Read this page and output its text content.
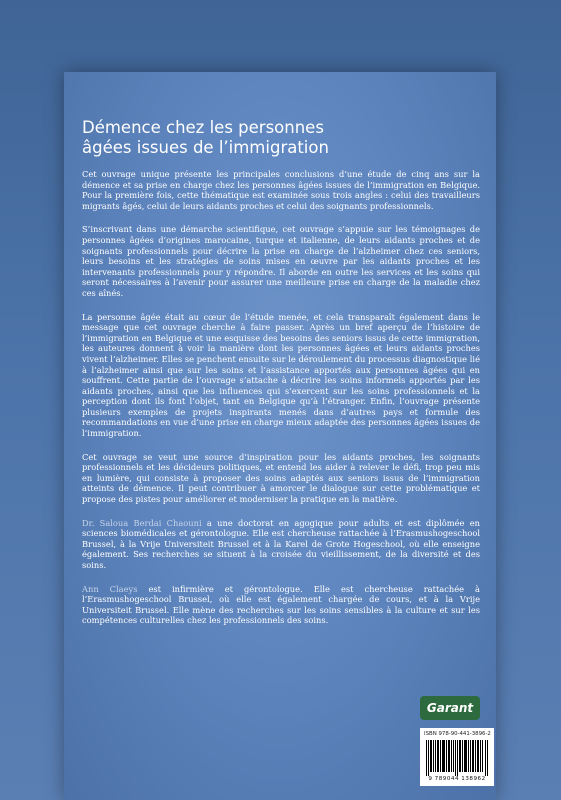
Démence chez les personnes
âgées issues de l’immigration

Cet ouvrage unique présente les principales conclusions d’une étude de cinq ans sur la démence et sa prise en charge chez les personnes âgées issues de l’immigration en Belgique. Pour la première fois, cette thématique est examinée sous trois angles : celui des travailleurs migrants âgés, celui de leurs aidants proches et celui des soignants professionnels.

S’inscrivant dans une démarche scientifique, cet ouvrage s’appuie sur les témoignages de personnes âgées d’origines marocaine, turque et italienne, de leurs aidants proches et de soignants professionnels pour décrire la prise en charge de l’alzheimer chez ces seniors, leurs besoins et les stratégies de soins mises en œuvre par les aidants proches et les intervenants professionnels pour y répondre. Il aborde en outre les services et les soins qui seront nécessaires à l’avenir pour assurer une meilleure prise en charge de la maladie chez ces aînés.

La personne âgée était au cœur de l’étude menée, et cela transparaît également dans le message que cet ouvrage cherche à faire passer. Après un bref aperçu de l’histoire de l’immigration en Belgique et une esquisse des besoins des seniors issus de cette immigration, les auteures donnent à voir la manière dont les personnes âgées et leurs aidants proches vivent l’alzheimer. Elles se penchent ensuite sur le déroulement du processus diagnostique lié à l’alzheimer ainsi que sur les soins et l’assistance apportés aux personnes âgées qui en souffrent. Cette partie de l’ouvrage s’attache à décrire les soins informels apportés par les aidants proches, ainsi que les influences qui s’exercent sur les soins professionnels et la perception dont ils font l’objet, tant en Belgique qu’à l’étranger. Enfin, l’ouvrage présente plusieurs exemples de projets inspirants menés dans d’autres pays et formule des recommandations en vue d’une prise en charge mieux adaptée des personnes âgées issues de l’immigration.

Cet ouvrage se veut une source d’inspiration pour les aidants proches, les soignants professionnels et les décideurs politiques, et entend les aider à relever le défi, trop peu mis en lumière, qui consiste à proposer des soins adaptés aux seniors issus de l’immigration atteints de démence. Il peut contribuer à amorcer le dialogue sur cette problématique et propose des pistes pour améliorer et moderniser la pratique en la matière.

Dr. Saloua Berdai Chaouni a une doctorat en agogique pour adults et est diplômée en sciences biomédicales et gérontologue. Elle est chercheuse rattachée à l’Erasmushogeschool Brussel, à la Vrije Universiteit Brussel et à la Karel de Grote Hogeschool, où elle enseigne également. Ses recherches se situent à la croisée du vieillissement, de la diversité et des soins.

Ann Claeys est infirmière et gérontologue. Elle est chercheuse rattachée à l’Erasmushogeschool Brussel, où elle est également chargée de cours, et à la Vrije Universiteit Brussel. Elle mène des recherches sur les soins sensibles à la culture et sur les compétences culturelles chez les professionnels des soins.

Garant
ISBN 978-90-441-3896-2
9 789044 138962
